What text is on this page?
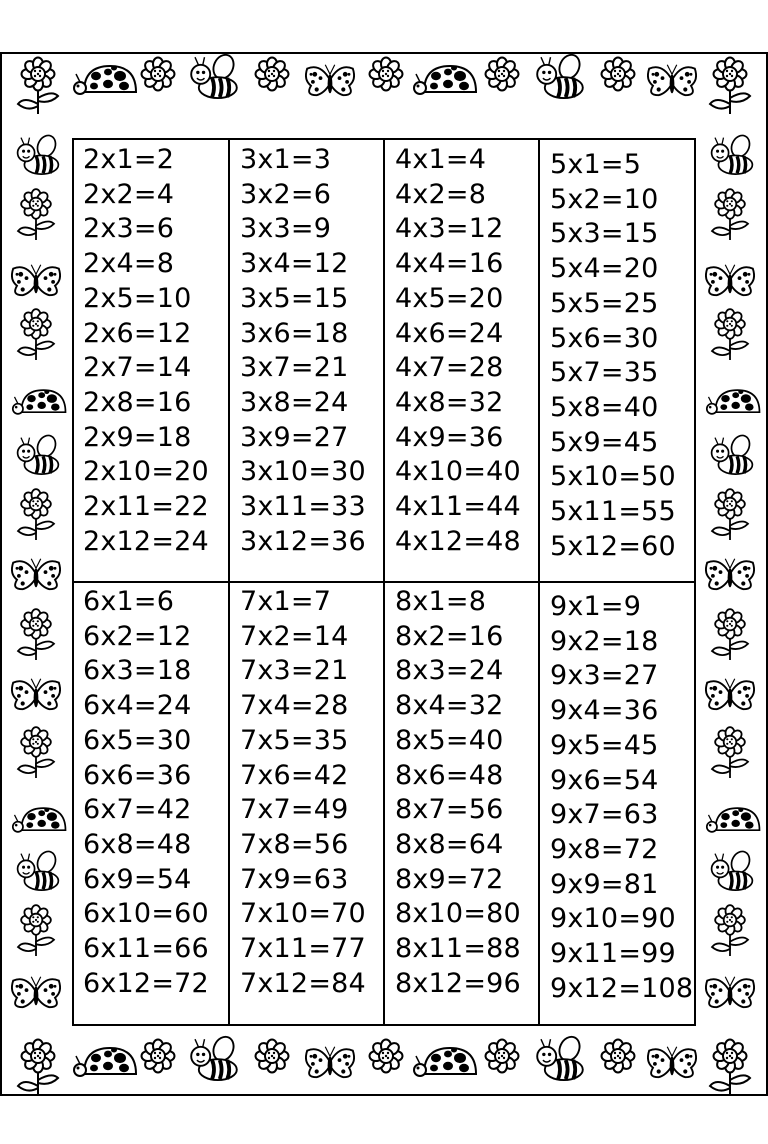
2x1=2
2x2=4
2x3=6
2x4=8
2x5=10
2x6=12
2x7=14
2x8=16
2x9=18
2x10=20
2x11=22
2x12=24
3x1=3
3x2=6
3x3=9
3x4=12
3x5=15
3x6=18
3x7=21
3x8=24
3x9=27
3x10=30
3x11=33
3x12=36
4x1=4
4x2=8
4x3=12
4x4=16
4x5=20
4x6=24
4x7=28
4x8=32
4x9=36
4x10=40
4x11=44
4x12=48
5x1=5
5x2=10
5x3=15
5x4=20
5x5=25
5x6=30
5x7=35
5x8=40
5x9=45
5x10=50
5x11=55
5x12=60
6x1=6
6x2=12
6x3=18
6x4=24
6x5=30
6x6=36
6x7=42
6x8=48
6x9=54
6x10=60
6x11=66
6x12=72
7x1=7
7x2=14
7x3=21
7x4=28
7x5=35
7x6=42
7x7=49
7x8=56
7x9=63
7x10=70
7x11=77
7x12=84
8x1=8
8x2=16
8x3=24
8x4=32
8x5=40
8x6=48
8x7=56
8x8=64
8x9=72
8x10=80
8x11=88
8x12=96
9x1=9
9x2=18
9x3=27
9x4=36
9x5=45
9x6=54
9x7=63
9x8=72
9x9=81
9x10=90
9x11=99
9x12=108
